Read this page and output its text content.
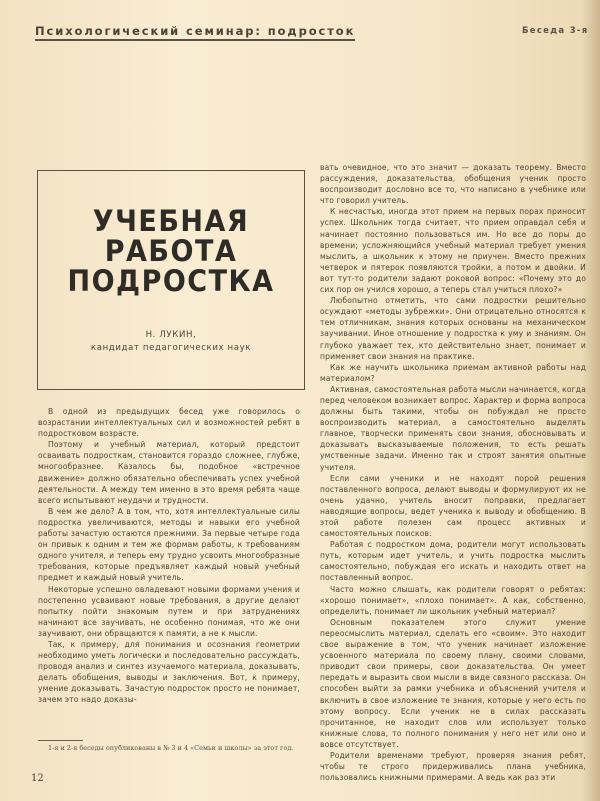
Психологический семинар: подросток	Беседа 3-я
УЧЕБНАЯ
РАБОТА
ПОДРОСТКА
Н. ЛУКИН,
кандидат педагогических наук

В одной из предыдущих бесед уже говорилось о возрастании интеллектуальных сил и возможностей ребят в подростковом возрасте.

Поэтому и учебный материал, который предстоит осваивать подросткам, становится гораздо сложнее, глубже, многообразнее. Казалось бы, подобное «встречное движение» должно обязательно обеспечивать успех учебной деятельности. А между тем именно в это время ребята чаще всего испытывают неудачи и трудности.

В чем же дело? А в том, что, хотя интеллектуальные силы подростка увеличиваются, методы и навыки его учебной работы зачастую остаются прежними. За первые четыре года он привык к одним и тем же формам работы, к требованиям одного учителя, и теперь ему трудно усвоить многообразные требования, которые предъявляет каждый новый учебный предмет и каждый новый учитель.

Некоторые успешно овладевают новыми формами учения и постепенно усваивают новые требования, а другие делают попытку пойти знакомым путем и при затруднениях начинают все заучивать, не особенно понимая, что же они заучивают, они обращаются к памяти, а не к мысли.

Так, к примеру, для понимания и осознания геометрии необходимо уметь логически и последовательно рассуждать, проводя анализ и синтез изучаемого материала, доказывать, делать обобщения, выводы и заключения. Вот, к примеру, умение доказывать. Зачастую подросток просто не понимает, зачем это надо доказы-

вать очевидное, что это значит — доказать теорему. Вместо рассуждения, доказательства, обобщения ученик просто воспроизводит дословно все то, что написано в учебнике или что говорил учитель.

К несчастью, иногда этот прием на первых порах приносит успех. Школьник тогда считает, что прием оправдал себя и начинает постоянно пользоваться им. Но все до поры до времени; усложняющийся учебный материал требует умения мыслить, а школьник к этому не приучен. Вместо прежних четверок и пятерок появляются тройки, а потом и двойки. И вот тут-то родители задают роковой вопрос: «Почему это до сих пор он учился хорошо, а теперь стал учиться плохо?»

Любопытно отметить, что сами подростки решительно осуждают «методы зубрежки». Они отрицательно относятся к тем отличникам, знания которых основаны на механическом заучивании. Иное отношение у подростка к уму и знаниям. Он глубоко уважает тех, кто действительно знает, понимает и применяет свои знания на практике.

Как же научить школьника приемам активной работы над материалом?

Активная, самостоятельная работа мысли начинается, когда перед человеком возникает вопрос. Характер и форма вопроса должны быть такими, чтобы он побуждал не просто воспроизводить материал, а самостоятельно выделять главное, творчески применять свои знания, обосновывать и доказывать высказываемые положения, то есть решать умственные задачи. Именно так и строят занятия опытные учителя.

Если сами ученики и не находят порой решения поставленного вопроса, делают выводы и формулируют их не очень удачно, учитель вносит поправки, предлагает наводящие вопросы, ведет ученика к выводу и обобщению. В этой работе полезен сам процесс активных и самостоятельных поисков.

Работая с подростком дома, родители могут использовать путь, которым идет учитель, и учить подростка мыслить самостоятельно, побуждая его искать и находить ответ на поставленный вопрос.

Часто можно слышать, как родители говорят о ребятах: «хорошо понимает», «плохо понимает». А как, собственно, определить, понимает ли школьник учебный материал?

Основным показателем этого служит умение переосмыслить материал, сделать его «своим». Это находит свое выражение в том, что ученик начинает изложение усвоенного материала по своему плану, своими словами, приводит свои примеры, свои доказательства. Он умеет передать и выразить свои мысли в виде связного рассказа. Он способен выйти за рамки учебника и объяснений учителя и включить в свое изложение те знания, которые у него есть по этому вопросу. Если ученик не в силах рассказать прочитанное, не находит слов или использует только книжные слова, то полного понимания у него нет или оно и вовсе отсутствует.

Родители временами требуют, проверяя знания ребят, чтобы те строго придерживались плана учебника, пользовались книжными примерами. А ведь как раз эти

1-я и 2-я беседы опубликованы в № 3 и 4 «Семьи и школы» за этот год.
12
